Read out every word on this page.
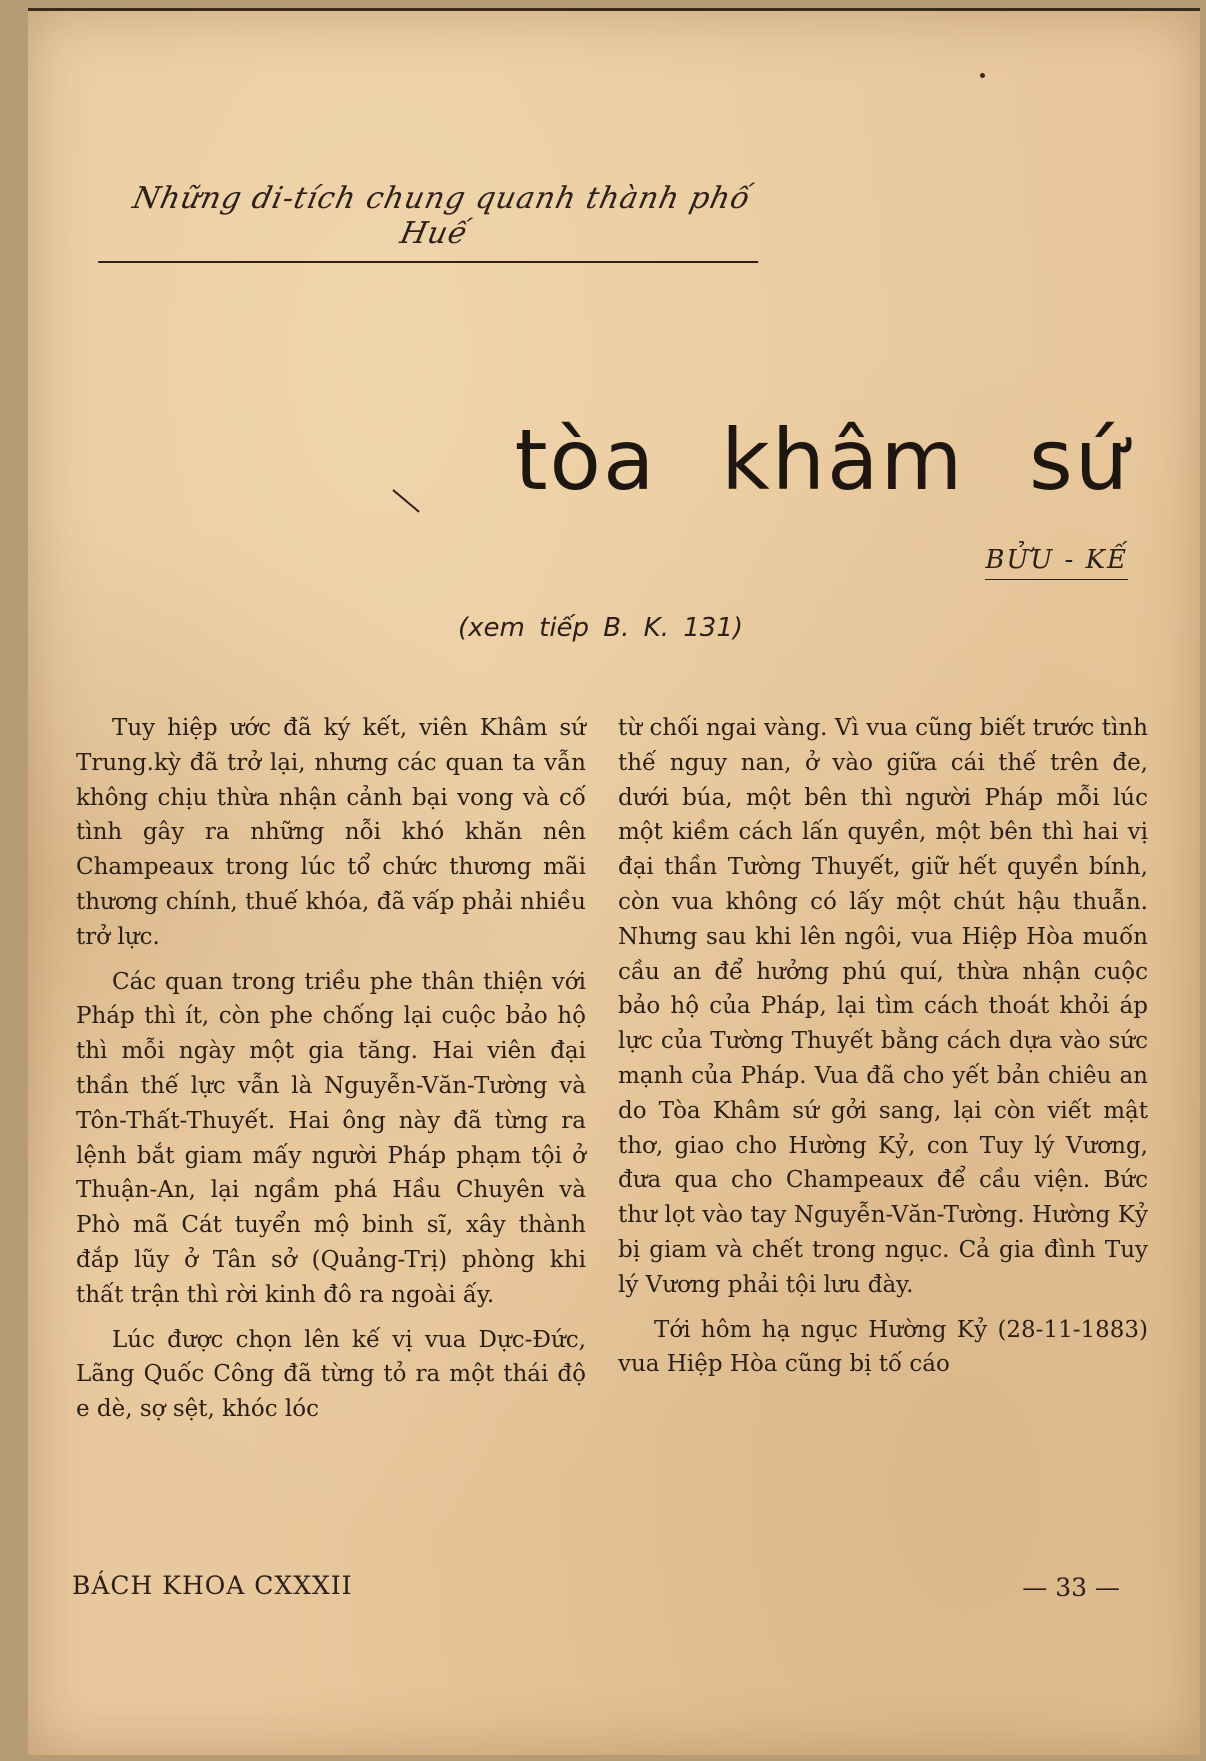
Những di-tích chung quanh thành phố Huế
tòa khâm sứ
BỬU - KẾ
(xem tiếp B. K. 131)

Tuy hiệp ước đã ký kết, viên Khâm sứ Trung.kỳ đã trở lại, nhưng các quan ta vẫn không chịu thừa nhận cảnh bại vong và cố tình gây ra những nỗi khó khăn nên Champeaux trong lúc tổ chức thương mãi thương chính, thuế khóa, đã vấp phải nhiều trở lực.

Các quan trong triều phe thân thiện với Pháp thì ít, còn phe chống lại cuộc bảo hộ thì mỗi ngày một gia tăng. Hai viên đại thần thế lực vẫn là Nguyễn-Văn-Tường và Tôn-Thất-Thuyết. Hai ông này đã từng ra lệnh bắt giam mấy người Pháp phạm tội ở Thuận-An, lại ngầm phá Hầu Chuyên và Phò mã Cát tuyển mộ binh sĩ, xây thành đắp lũy ở Tân sở (Quảng-Trị) phòng khi thất trận thì rời kinh đô ra ngoài ấy.

Lúc được chọn lên kế vị vua Dực-Đức, Lãng Quốc Công đã từng tỏ ra một thái độ e dè, sợ sệt, khóc lóc

từ chối ngai vàng. Vì vua cũng biết trước tình thế nguy nan, ở vào giữa cái thế trên đe, dưới búa, một bên thì người Pháp mỗi lúc một kiềm cách lấn quyền, một bên thì hai vị đại thần Tường Thuyết, giữ hết quyền bính, còn vua không có lấy một chút hậu thuẫn. Nhưng sau khi lên ngôi, vua Hiệp Hòa muốn cầu an để hưởng phú quí, thừa nhận cuộc bảo hộ của Pháp, lại tìm cách thoát khỏi áp lực của Tường Thuyết bằng cách dựa vào sức mạnh của Pháp. Vua đã cho yết bản chiêu an do Tòa Khâm sứ gởi sang, lại còn viết mật thơ, giao cho Hường Kỷ, con Tuy lý Vương, đưa qua cho Champeaux để cầu viện. Bức thư lọt vào tay Nguyễn-Văn-Tường. Hường Kỷ bị giam và chết trong ngục. Cả gia đình Tuy lý Vương phải tội lưu đày.

Tới hôm hạ ngục Hường Kỷ (28-11-1883) vua Hiệp Hòa cũng bị tố cáo

BÁCH KHOA CXXXII	— 33 —
